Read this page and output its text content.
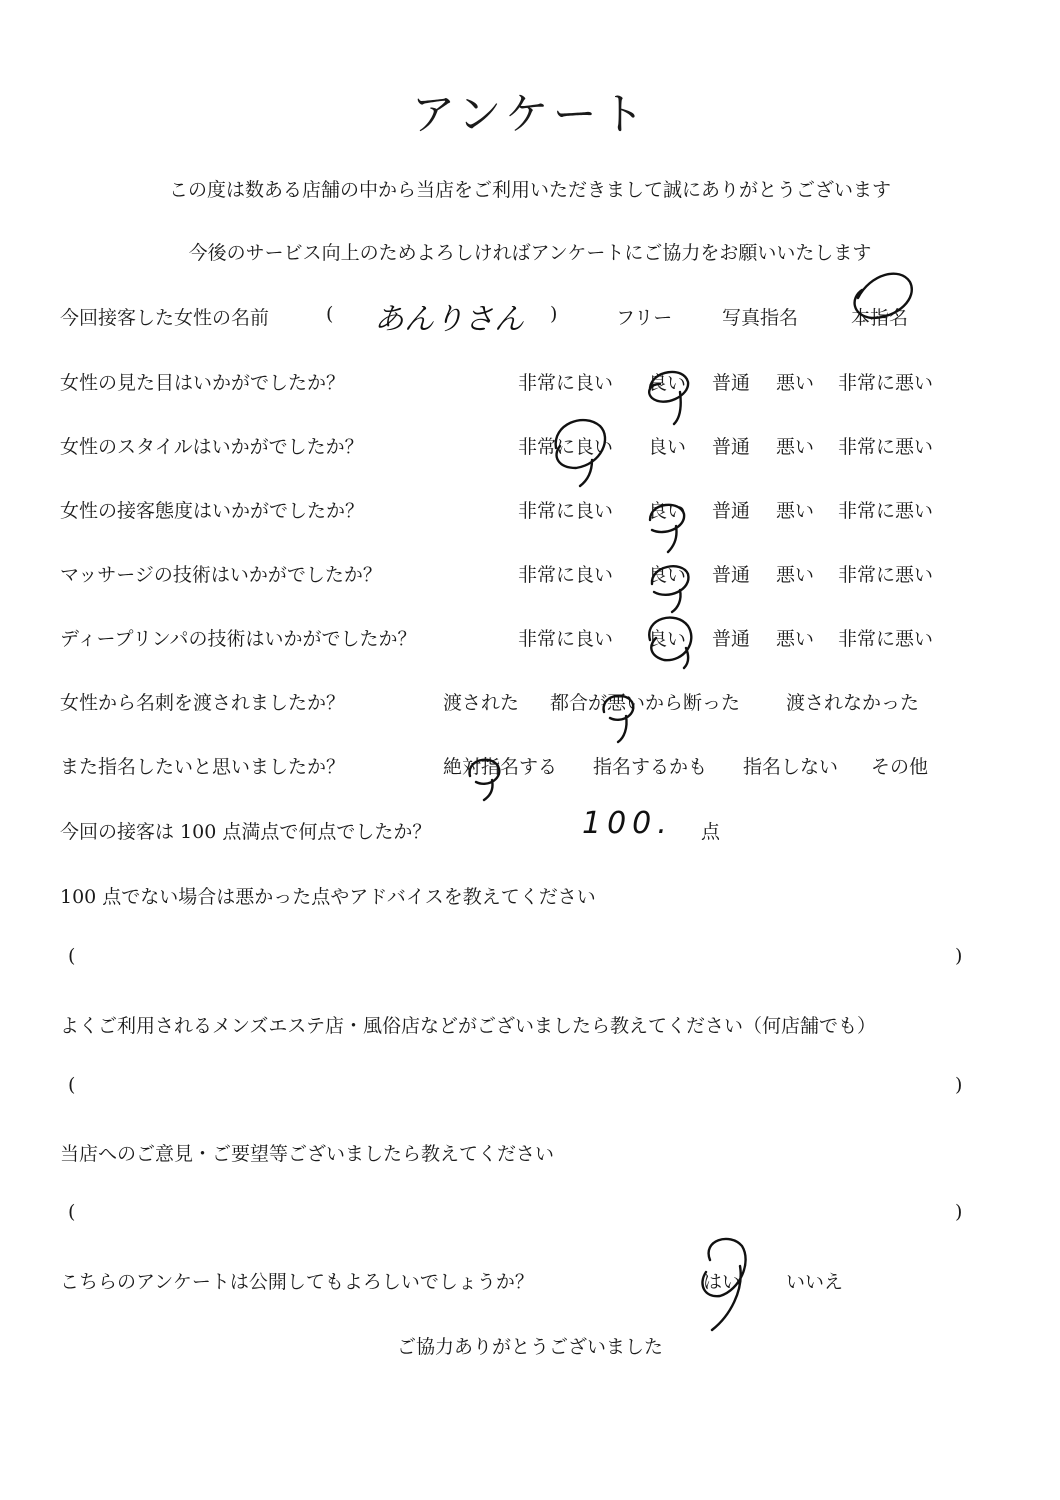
アンケート
この度は数ある店舗の中から当店をご利用いただきまして誠にありがとうございます
今後のサービス向上のためよろしければアンケートにご協力をお願いいたします
今回接客した女性の名前	( あんりさん )	フリー	写真指名	本指名
女性の見た目はいかがでしたか？	非常に良い 良い 普通 悪い 非常に悪い
女性のスタイルはいかがでしたか？	非常に良い 良い 普通 悪い 非常に悪い
女性の接客態度はいかがでしたか？	非常に良い 良い 普通 悪い 非常に悪い
マッサージの技術はいかがでしたか？	非常に良い 良い 普通 悪い 非常に悪い
ディープリンパの技術はいかがでしたか？	非常に良い 良い 普通 悪い 非常に悪い
女性から名刺を渡されましたか？	渡された 都合が悪いから断った 渡されなかった
また指名したいと思いましたか？	絶対指名する 指名するかも 指名しない その他
今回の接客は 100 点満点で何点でしたか？	100. 点
100 点でない場合は悪かった点やアドバイスを教えてください
(	)
よくご利用されるメンズエステ店・風俗店などがございましたら教えてください（何店舗でも）
(	)
当店へのご意見・ご要望等ございましたら教えてください
(	)
こちらのアンケートは公開してもよろしいでしょうか？	はい いいえ
ご協力ありがとうございました
